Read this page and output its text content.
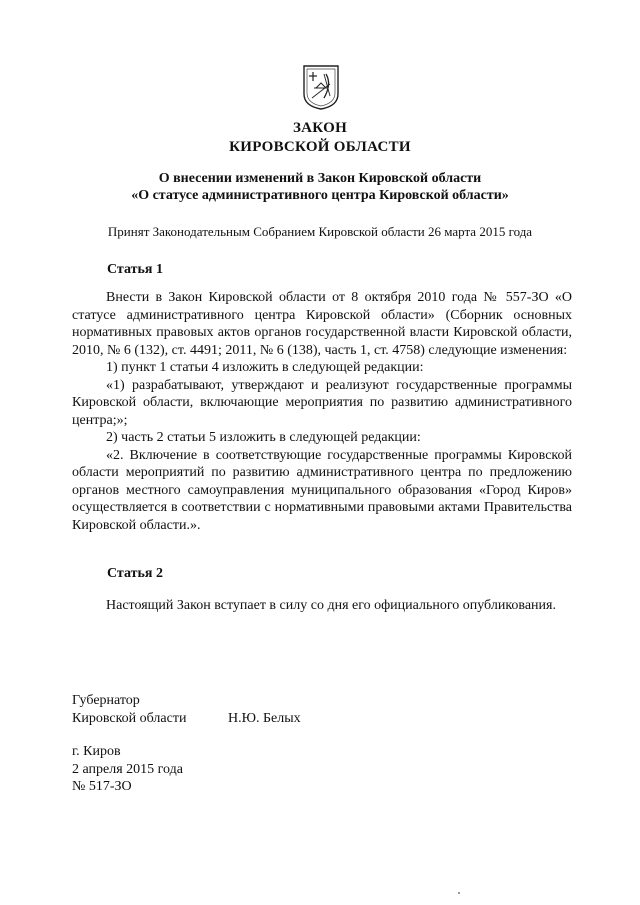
ЗАКОН
КИРОВСКОЙ ОБЛАСТИ
О внесении изменений в Закон Кировской области
«О статусе административного центра Кировской области»
Принят Законодательным Собранием Кировской области 26 марта 2015 года
Статья 1

Внести в Закон Кировской области от 8 октября 2010 года № 557-ЗО «О статусе административного центра Кировской области» (Сборник основных нормативных правовых актов органов государственной власти Кировской области, 2010, № 6 (132), ст. 4491; 2011, № 6 (138), часть 1, ст. 4758) следующие изменения:

1) пункт 1 статьи 4 изложить в следующей редакции:

«1) разрабатывают, утверждают и реализуют государственные программы Кировской области, включающие мероприятия по развитию административного центра;»;

2) часть 2 статьи 5 изложить в следующей редакции:

«2. Включение в соответствующие государственные программы Кировской области мероприятий по развитию административного центра по предложению органов местного самоуправления муниципального образования «Город Киров» осуществляется в соответствии с нормативными правовыми актами Правительства Кировской области.».

Статья 2

Настоящий Закон вступает в силу со дня его официального опубликования.

Губернатор
Кировской области	Н.Ю. Белых
г. Киров
2 апреля 2015 года
№ 517-ЗО
